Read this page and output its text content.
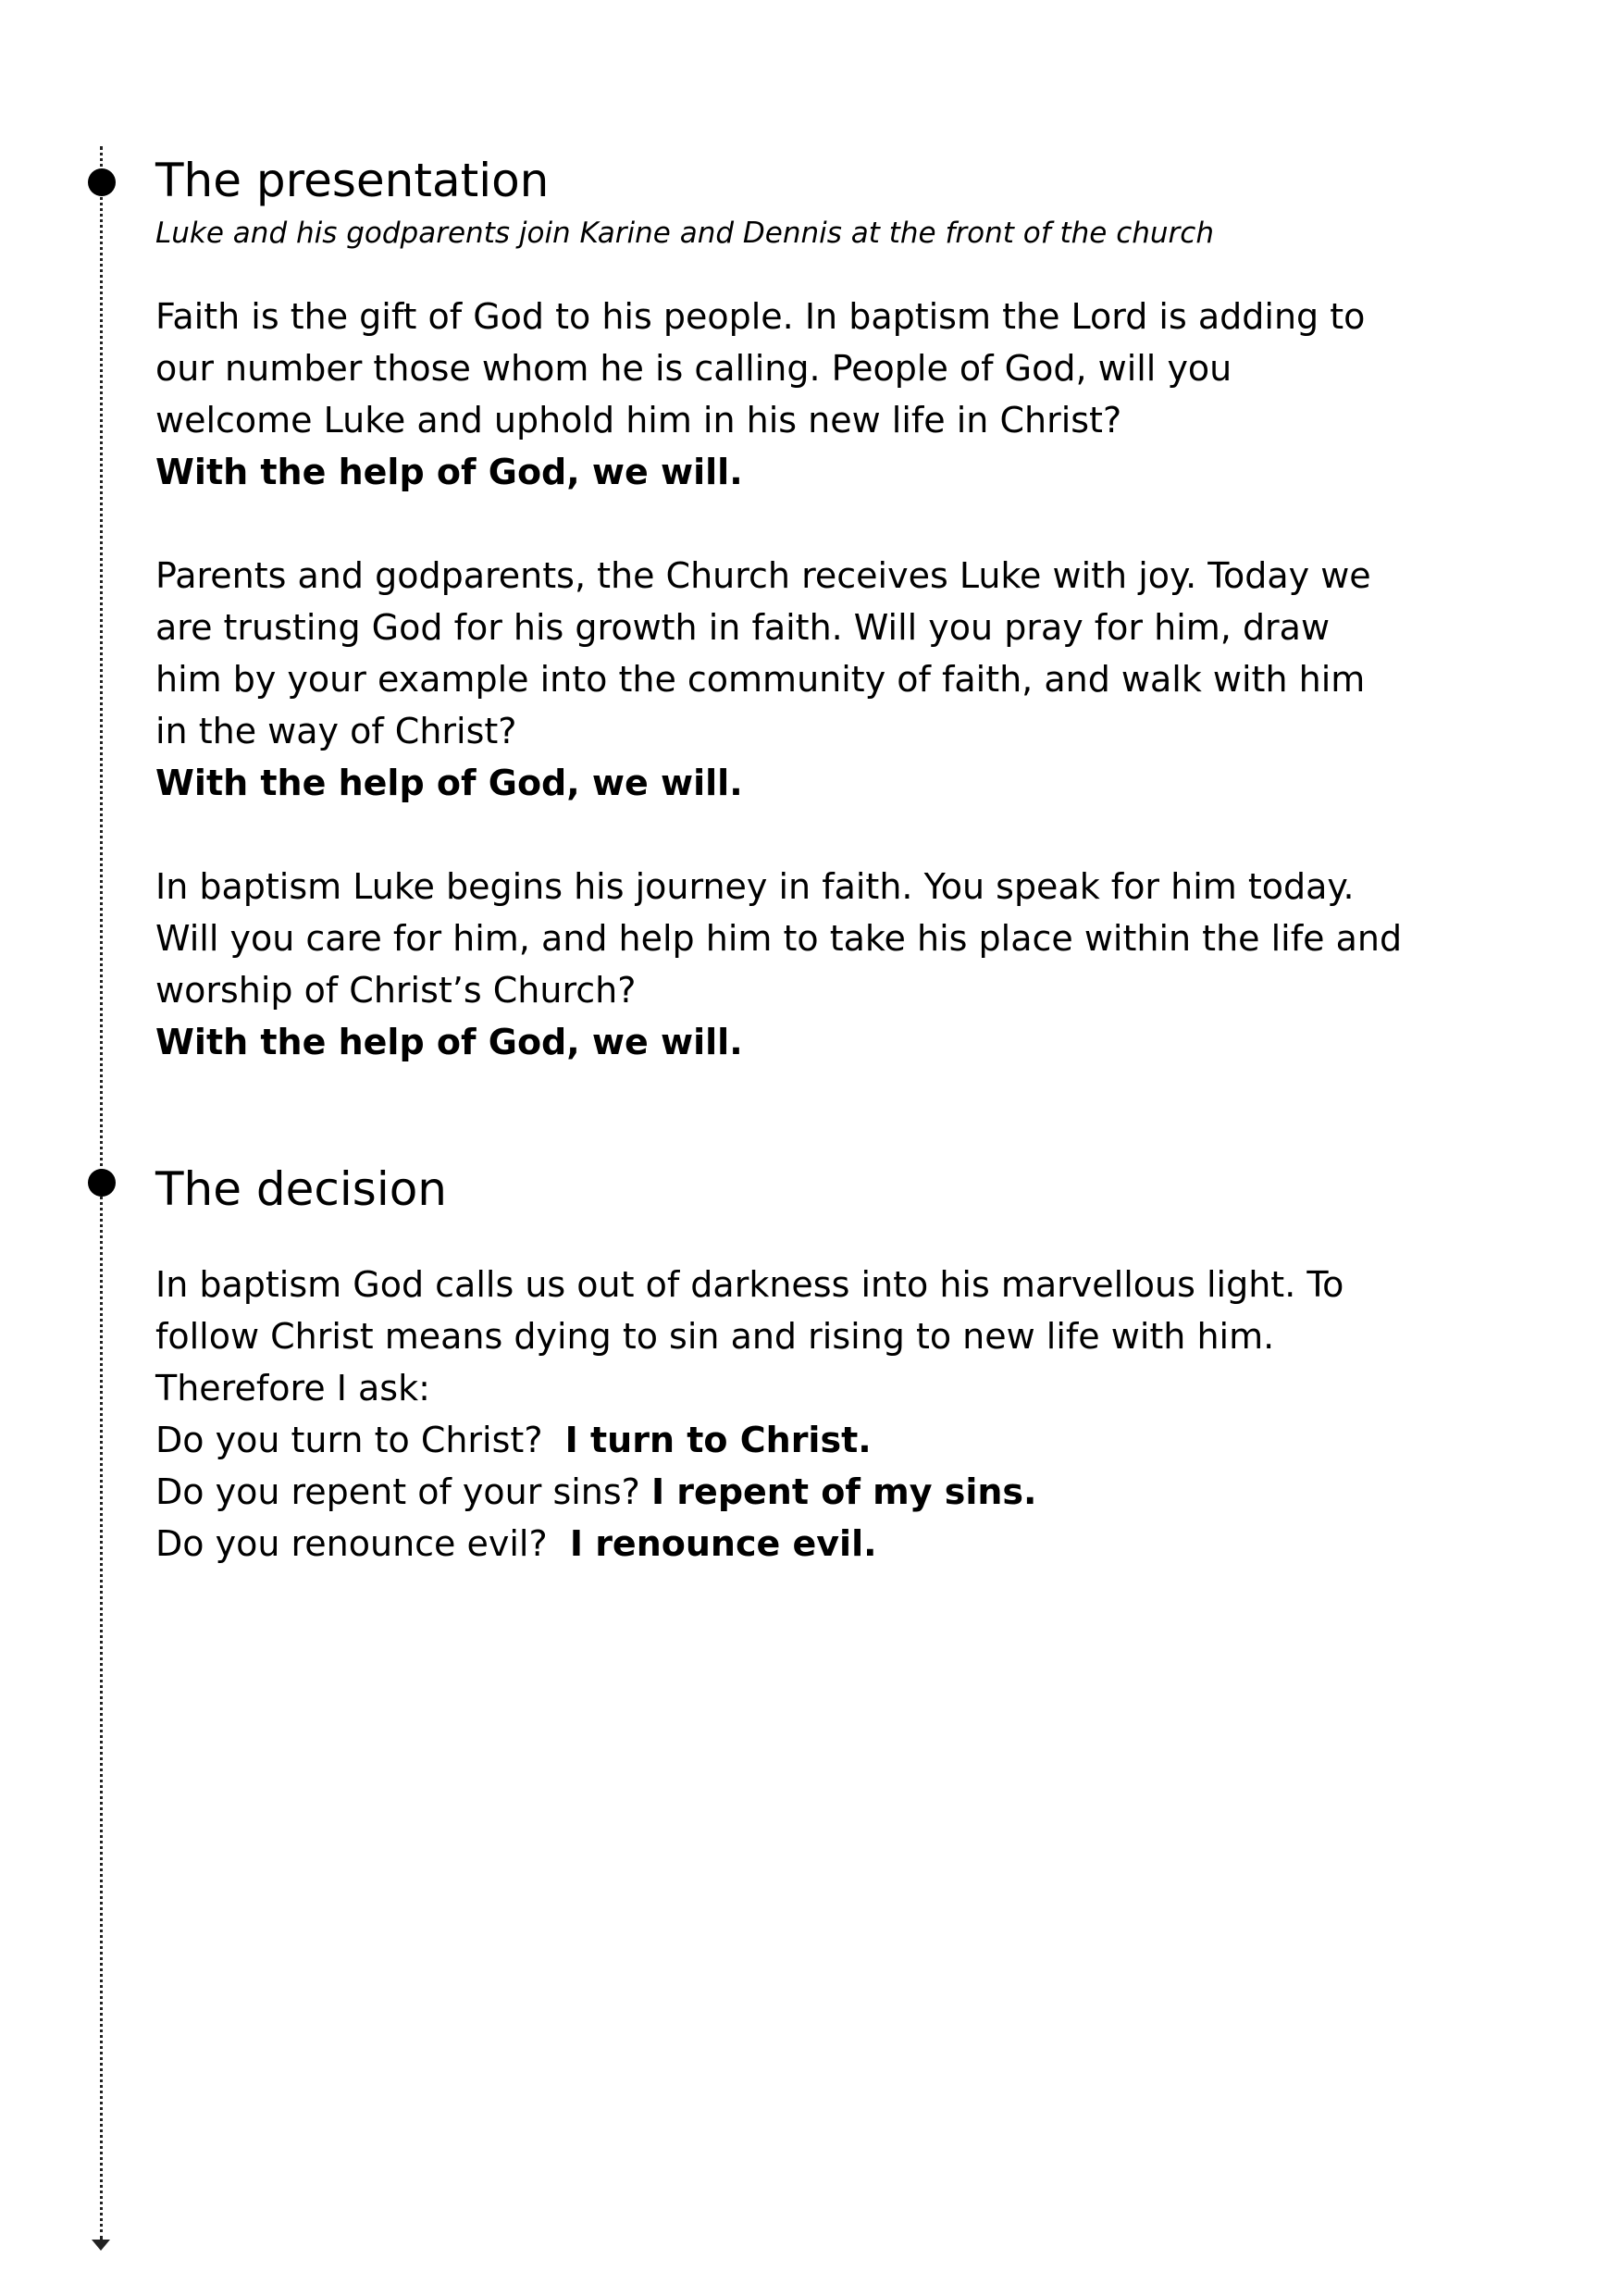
The presentation

Luke and his godparents join Karine and Dennis at the front of the church

Faith is the gift of God to his people. In baptism the Lord is adding to
our number those whom he is calling. People of God, will you
welcome Luke and uphold him in his new life in Christ?
With the help of God, we will.

Parents and godparents, the Church receives Luke with joy. Today we
are trusting God for his growth in faith. Will you pray for him, draw
him by your example into the community of faith, and walk with him
in the way of Christ?
With the help of God, we will.

In baptism Luke begins his journey in faith. You speak for him today.
Will you care for him, and help him to take his place within the life and
worship of Christ’s Church?
With the help of God, we will.

The decision

In baptism God calls us out of darkness into his marvellous light. To
follow Christ means dying to sin and rising to new life with him.
Therefore I ask:
Do you turn to Christ?  I turn to Christ.
Do you repent of your sins? I repent of my sins.
Do you renounce evil?  I renounce evil.
